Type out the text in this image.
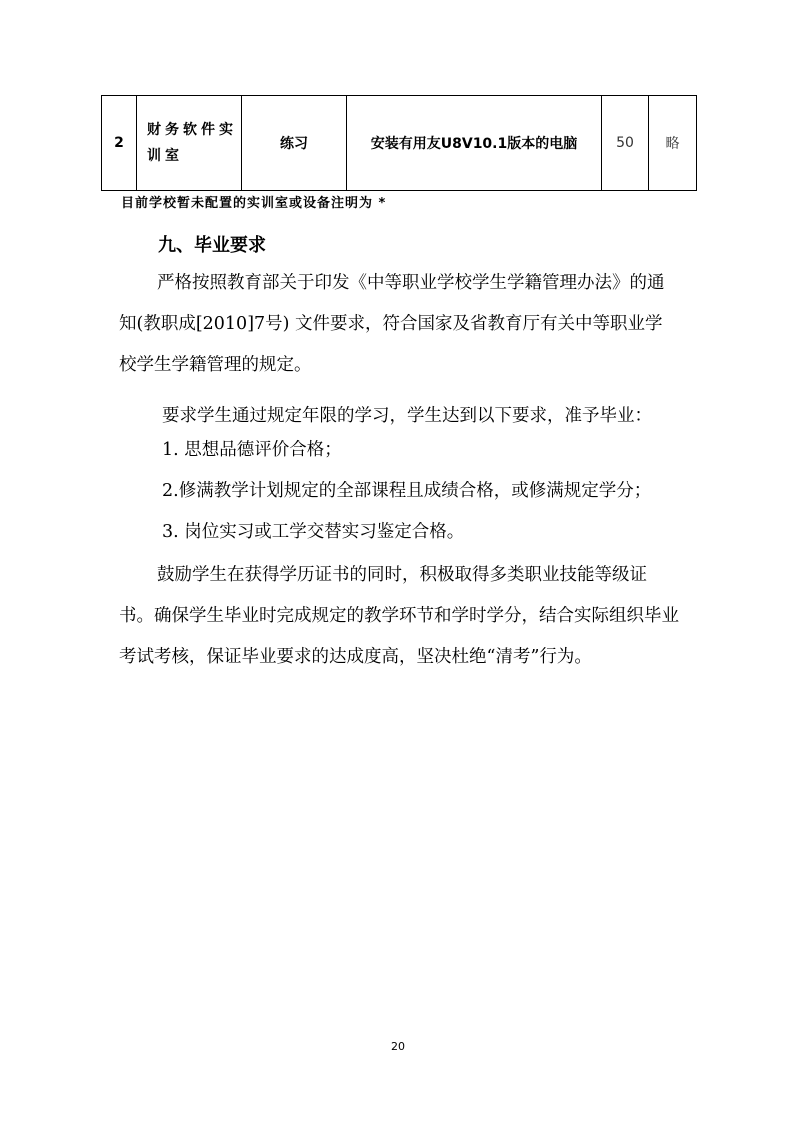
2	财务软件实训室	练习	安装有用友U8V10.1版本的电脑	50	略
目前学校暂未配置的实训室或设备注明为 *
九、毕业要求
严格按照教育部关于印发《中等职业学校学生学籍管理办法》的通知(教职成[2010]7号) 文件要求，符合国家及省教育厅有关中等职业学校学生学籍管理的规定。
要求学生通过规定年限的学习，学生达到以下要求，准予毕业：
1. 思想品德评价合格；
2.修满教学计划规定的全部课程且成绩合格，或修满规定学分；
3. 岗位实习或工学交替实习鉴定合格。
鼓励学生在获得学历证书的同时，积极取得多类职业技能等级证书。确保学生毕业时完成规定的教学环节和学时学分，结合实际组织毕业考试考核，保证毕业要求的达成度高，坚决杜绝“清考”行为。
20
